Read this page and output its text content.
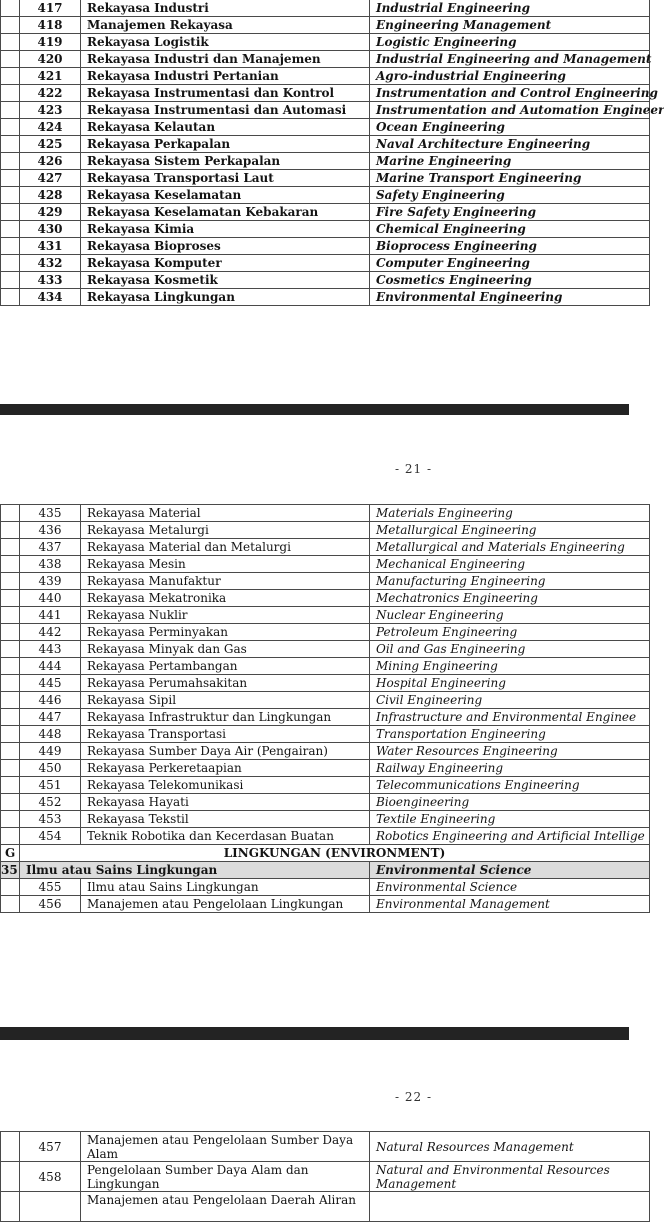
	417	Rekayasa Industri	Industrial Engineering
	418	Manajemen Rekayasa	Engineering Management
	419	Rekayasa Logistik	Logistic Engineering
	420	Rekayasa Industri dan Manajemen	Industrial Engineering and Management
	421	Rekayasa Industri Pertanian	Agro-industrial Engineering
	422	Rekayasa Instrumentasi dan Kontrol	Instrumentation and Control Engineering
	423	Rekayasa Instrumentasi dan Automasi	Instrumentation and Automation Engineer
	424	Rekayasa Kelautan	Ocean Engineering
	425	Rekayasa Perkapalan	Naval Architecture Engineering
	426	Rekayasa Sistem Perkapalan	Marine Engineering
	427	Rekayasa Transportasi Laut	Marine Transport Engineering
	428	Rekayasa Keselamatan	Safety Engineering
	429	Rekayasa Keselamatan Kebakaran	Fire Safety Engineering
	430	Rekayasa Kimia	Chemical Engineering
	431	Rekayasa Bioproses	Bioprocess Engineering
	432	Rekayasa Komputer	Computer Engineering
	433	Rekayasa Kosmetik	Cosmetics Engineering
	434	Rekayasa Lingkungan	Environmental Engineering
- 21 -
	435	Rekayasa Material	Materials Engineering
	436	Rekayasa Metalurgi	Metallurgical Engineering
	437	Rekayasa Material dan Metalurgi	Metallurgical and Materials Engineering
	438	Rekayasa Mesin	Mechanical Engineering
	439	Rekayasa Manufaktur	Manufacturing Engineering
	440	Rekayasa Mekatronika	Mechatronics Engineering
	441	Rekayasa Nuklir	Nuclear Engineering
	442	Rekayasa Perminyakan	Petroleum Engineering
	443	Rekayasa Minyak dan Gas	Oil and Gas Engineering
	444	Rekayasa Pertambangan	Mining Engineering
	445	Rekayasa Perumahsakitan	Hospital Engineering
	446	Rekayasa Sipil	Civil Engineering
	447	Rekayasa Infrastruktur dan Lingkungan	Infrastructure and Environmental Enginee
	448	Rekayasa Transportasi	Transportation Engineering
	449	Rekayasa Sumber Daya Air (Pengairan)	Water Resources Engineering
	450	Rekayasa Perkeretaapian	Railway Engineering
	451	Rekayasa Telekomunikasi	Telecommunications Engineering
	452	Rekayasa Hayati	Bioengineering
	453	Rekayasa Tekstil	Textile Engineering
	454	Teknik Robotika dan Kecerdasan Buatan	Robotics Engineering and Artificial Intellige
G	LINGKUNGAN (ENVIRONMENT)		
35	Ilmu atau Sains Lingkungan		Environmental Science
	455	Ilmu atau Sains Lingkungan	Environmental Science
	456	Manajemen atau Pengelolaan Lingkungan	Environmental Management
- 22 -
	457	Manajemen atau Pengelolaan Sumber Daya Alam	Natural Resources Management
	458	Pengelolaan Sumber Daya Alam dan Lingkungan	Natural and Environmental Resources Management
		Manajemen atau Pengelolaan Daerah Aliran	
